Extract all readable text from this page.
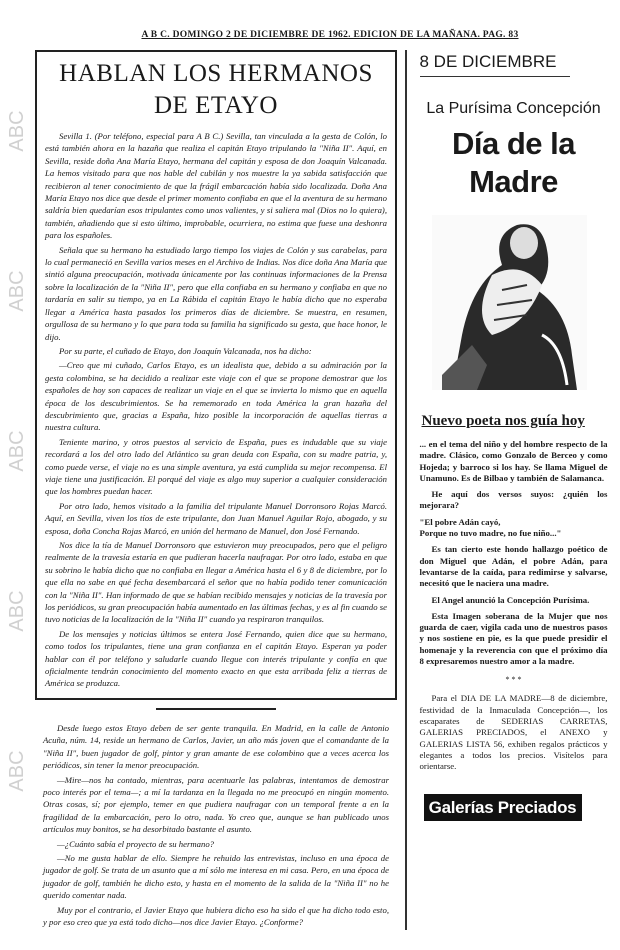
A B C. DOMINGO 2 DE DICIEMBRE DE 1962. EDICION DE LA MAÑANA. PAG. 83
HABLAN LOS HERMANOS DE ETAYO

Sevilla 1. (Por teléfono, especial para A B C.) Sevilla, tan vinculada a la gesta de Colón, lo está también ahora en la hazaña que realiza el capitán Etayo tripulando la "Niña II". Aquí, en Sevilla, reside doña Ana María Etayo, hermana del capitán y esposa de don Joaquín Valcanada. La hemos visitado para que nos hable del cubilán y nos muestre la ya sabida satisfacción que recibieron al tener conocimiento de que la frágil embarcación había sido localizada. Doña Ana María Etayo nos dice que desde el primer momento confiaba en que el la aventura de su hermano saldría bien quedarían esos tripulantes como unos valientes, y si saliera mal (Dios no lo quiera), también, añadiendo que si esto último, improbable, ocurriera, no estima que fuese una deshonra para los españoles.

Señala que su hermano ha estudiado largo tiempo los viajes de Colón y sus carabelas, para lo cual permaneció en Sevilla varios meses en el Archivo de Indias. Nos dice doña Ana María que sintió alguna preocupación, motivada únicamente por las continuas informaciones de la Prensa sobre la localización de la "Niña II", pero que ella confiaba en su hermano y confiaba en que no tardaría en salir su tiempo, ya en La Rábida el capitán Etayo le había dicho que no esperaba llegar a América hasta pasados los primeros días de diciembre. Se muestra, en resumen, orgullosa de su hermano y lo que para toda su familia ha significado su gesta, que hace honor, le dijo.

Por su parte, el cuñado de Etayo, don Joaquín Valcanada, nos ha dicho:

—Creo que mi cuñado, Carlos Etayo, es un idealista que, debido a su admiración por la gesta colombina, se ha decidido a realizar este viaje con el que se propone demostrar que los españoles de hoy son capaces de realizar un viaje en el que se invierta lo mismo que en aquella época de los descubrimientos. Se ha rememorado en toda América la gran hazaña del descubrimiento que, gracias a España, hizo posible la incorporación de aquellas tierras a nuestra cultura.

Teniente marino, y otros puestos al servicio de España, pues es indudable que su viaje recordará a los del otro lado del Atlántico su gran deuda con España, con su madre patria, y, como puede verse, el viaje no es una simple aventura, ya está cumplida su mejor recompensa. El viaje tiene una justificación. El porqué del viaje es algo muy superior a cualquier consideración que los hombres puedan hacer.

Por otro lado, hemos visitado a la familia del tripulante Manuel Dorronsoro Rojas Marcó. Aquí, en Sevilla, viven los tíos de este tripulante, don Juan Manuel Aguilar Rojo, abogado, y su esposa, doña Concha Rojas Marcó, en unión del hermano de Manuel, don José Fernando.

Nos dice la tía de Manuel Dorronsoro que estuvieron muy preocupados, pero que el peligro realmente de la travesía estaría en que pudieran hacerla naufragar. Por otro lado, estaba en que su sobrino le había dicho que no confiaba en llegar a América hasta el 6 y 8 de diciembre, por lo que ella no sabe en qué fecha desembarcará el señor que no había podido tener comunicación con la "Niña II". Han informado de que se habían recibido mensajes y noticias de la travesía por los periódicos, su gran preocupación había aumentado en las últimas fechas, y es al fin cuando se tuvo noticias de la localización de la "Niña II" cuando ya respiraron tranquilos.

De los mensajes y noticias últimos se entera José Fernando, quien dice que su hermano, como todos los tripulantes, tiene una gran confianza en el capitán Etayo. Esperan ya poder hablar con él por teléfono y saludarle cuando llegue con interés tripulante y confía en que oficialmente tendrán conocimiento del momento exacto en que esta arribada feliz a tierras de América se produzca.

Desde luego estos Etayo deben de ser gente tranquila. En Madrid, en la calle de Antonio Acuña, núm. 14, reside un hermano de Carlos, Javier, un año más joven que el comandante de la "Niña II", buen jugador de golf, pintor y gran amante de ese colombino que a veces acerca los periódicos, sin tener la menor preocupación.

—Mire—nos ha contado, mientras, para acentuarle las palabras, intentamos de demostrar poco interés por el tema—; a mí la tardanza en la llegada no me preocupó en ningún momento. Otras cosas, sí; por ejemplo, temer en que pudiera naufragar con un temporal frente a en la fragilidad de la embarcación, pero lo otro, nada. Yo creo que, aunque se han publicado unos artículos muy bonitos, se ha desorbitado bastante el asunto.

—¿Cuánto sabía el proyecto de su hermano?

—No me gusta hablar de ello. Siempre he rehuido las entrevistas, incluso en una época de jugador de golf. Se trata de un asunto que a mí sólo me interesa en mi casa. Pero, en una época de jugador de golf, también he dicho esto, y hasta en el momento de la salida de la "Niña II" no he querido comentar nada.

Muy por el contrario, el Javier Etayo que hubiera dicho eso ha sido el que ha dicho todo esto, y por eso creo que ya está todo dicho—nos dice Javier Etayo. ¿Conforme?

8 DE DICIEMBRE

La Purísima Concepción

Día de la Madre

Nuevo poeta nos guía hoy

... en el tema del niño y del hombre respecto de la madre. Clásico, como Gonzalo de Berceo y como Hojeda; y barroco si los hay. Se llama Miguel de Unamuno. Es de Bilbao y también de Salamanca.

He aquí dos versos suyos: ¿quién los mejorara?

"El pobre Adán cayó,

Porque no tuvo madre, no fue niño..."

Es tan cierto este hondo hallazgo poético de don Miguel que Adán, el pobre Adán, para levantarse de la caída, para redimirse y salvarse, necesitó que le naciera una madre.

El Angel anunció la Concepción Purísima.

Esta Imagen soberana de la Mujer que nos guarda de caer, vigila cada uno de nuestros pasos y nos sostiene en pie, es la que puede presidir el homenaje y la reverencia con que el próximo día 8 expresaremos nuestro amor a la madre.

* * *

Para el DIA DE LA MADRE—8 de diciembre, festividad de la Inmaculada Concepción—, los escaparates de SEDERIAS CARRETAS, GALERIAS PRECIADOS, el ANEXO y GALERIAS LISTA 56, exhiben regalos prácticos y elegantes a todos los precios. Visítelos para orientarse.

Galerías Preciados
ABC
ABC
ABC
ABC
ABC
